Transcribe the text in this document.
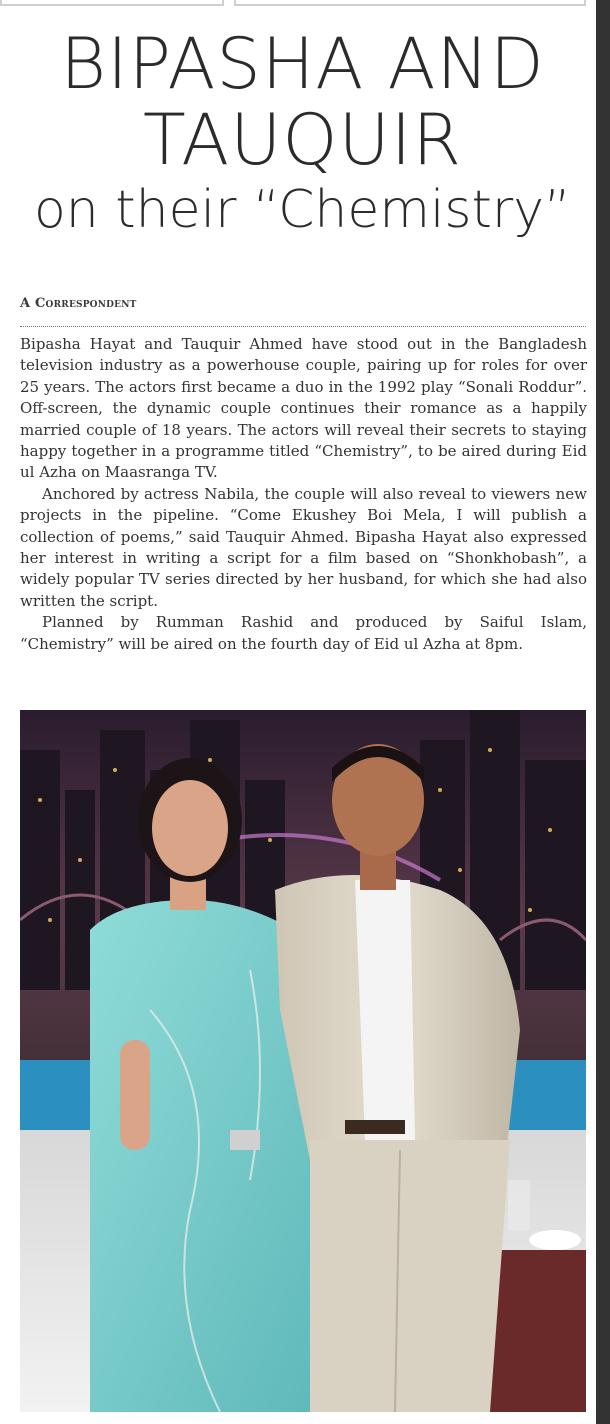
BIPASHA AND
TAUQUIR
on their “Chemistry”
A Correspondent

Bipasha Hayat and Tauquir Ahmed have stood out in the Bangladesh television industry as a powerhouse couple, pairing up for roles for over 25 years. The actors first became a duo in the 1992 play “Sonali Roddur”. Off-screen, the dynamic couple continues their romance as a happily married couple of 18 years. The actors will reveal their secrets to staying happy together in a programme titled “Chemistry”, to be aired during Eid ul Azha on Maasranga TV.

Anchored by actress Nabila, the couple will also reveal to viewers new projects in the pipeline. “Come Ekushey Boi Mela, I will publish a collection of poems,” said Tauquir Ahmed. Bipasha Hayat also expressed her interest in writing a script for a film based on “Shonkhobash”, a widely popular TV series directed by her husband, for which she had also written the script.

Planned by Rumman Rashid and produced by Saiful Islam, “Chemistry” will be aired on the fourth day of Eid ul Azha at 8pm.
